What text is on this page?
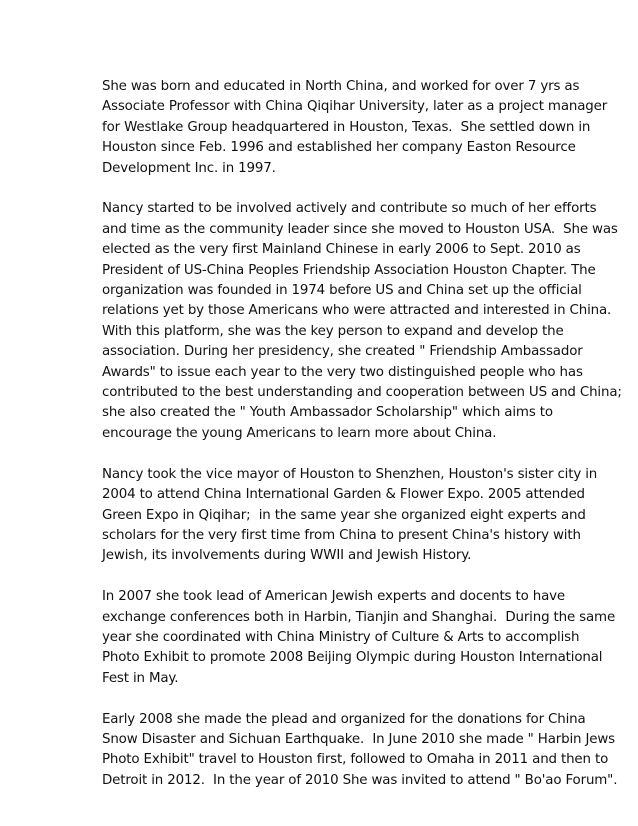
She was born and educated in North China, and worked for over 7 yrs as
Associate Professor with China Qiqihar University, later as a project manager
for Westlake Group headquartered in Houston, Texas.  She settled down in
Houston since Feb. 1996 and established her company Easton Resource
Development Inc. in 1997.

Nancy started to be involved actively and contribute so much of her efforts
and time as the community leader since she moved to Houston USA.  She was
elected as the very first Mainland Chinese in early 2006 to Sept. 2010 as
President of US-China Peoples Friendship Association Houston Chapter. The
organization was founded in 1974 before US and China set up the official
relations yet by those Americans who were attracted and interested in China.
With this platform, she was the key person to expand and develop the
association. During her presidency, she created " Friendship Ambassador
Awards" to issue each year to the very two distinguished people who has
contributed to the best understanding and cooperation between US and China;
she also created the " Youth Ambassador Scholarship" which aims to
encourage the young Americans to learn more about China.

Nancy took the vice mayor of Houston to Shenzhen, Houston's sister city in
2004 to attend China International Garden & Flower Expo. 2005 attended
Green Expo in Qiqihar;  in the same year she organized eight experts and
scholars for the very first time from China to present China's history with
Jewish, its involvements during WWII and Jewish History.

In 2007 she took lead of American Jewish experts and docents to have
exchange conferences both in Harbin, Tianjin and Shanghai.  During the same
year she coordinated with China Ministry of Culture & Arts to accomplish
Photo Exhibit to promote 2008 Beijing Olympic during Houston International
Fest in May.

Early 2008 she made the plead and organized for the donations for China
Snow Disaster and Sichuan Earthquake.  In June 2010 she made " Harbin Jews
Photo Exhibit" travel to Houston first, followed to Omaha in 2011 and then to
Detroit in 2012.  In the year of 2010 She was invited to attend " Bo'ao Forum".
